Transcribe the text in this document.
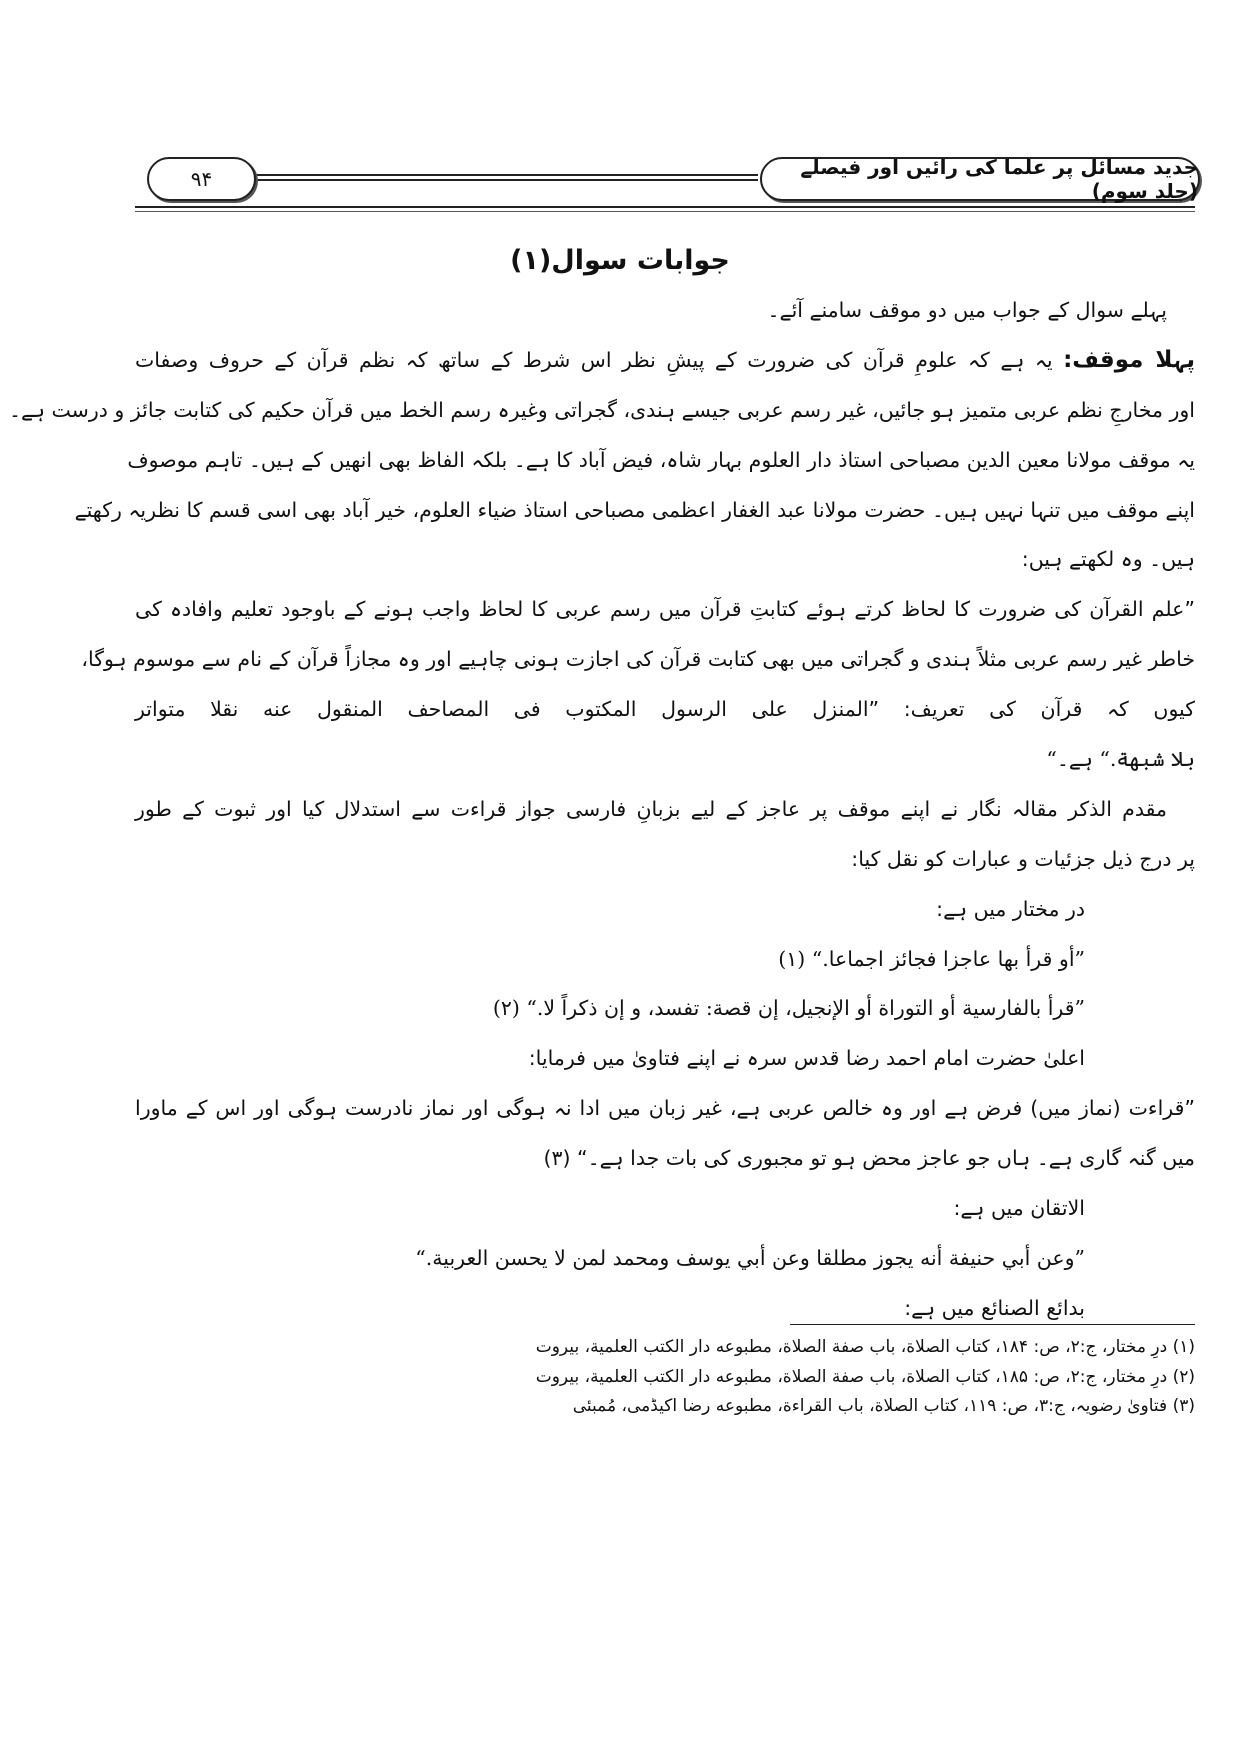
۹۴	جدید مسائل پر علما کی رائیں اور فیصلے (جلد سوم)
جوابات سوال(۱)
پہلے سوال کے جواب میں دو موقف سامنے آئے۔
پہلا موقف: یہ ہے کہ علومِ قرآن کی ضرورت کے پیشِ نظر اس شرط کے ساتھ کہ نظم قرآن کے حروف وصفات
اور مخارجِ نظم عربی متمیز ہو جائیں، غیر رسم عربی جیسے ہندی، گجراتی وغیرہ رسم الخط میں قرآن حکیم کی کتابت جائز و درست ہے۔
یہ موقف مولانا معین الدین مصباحی استاذ دار العلوم بہار شاہ، فیض آباد کا ہے۔ بلکہ الفاظ بھی انھیں کے ہیں۔ تاہم موصوف
اپنے موقف میں تنہا نہیں ہیں۔ حضرت مولانا عبد الغفار اعظمی مصباحی استاذ ضیاء العلوم، خیر آباد بھی اسی قسم کا نظریہ رکھتے
ہیں۔ وہ لکھتے ہیں:
”علم القرآن کی ضرورت کا لحاظ کرتے ہوئے کتابتِ قرآن میں رسم عربی کا لحاظ واجب ہونے کے باوجود تعلیم وافادہ کی
خاطر غیر رسم عربی مثلاً ہندی و گجراتی میں بھی کتابت قرآن کی اجازت ہونی چاہیے اور وہ مجازاً قرآن کے نام سے موسوم ہوگا،
کیوں کہ قرآن کی تعریف: ”المنزل على الرسول المكتوب فى المصاحف المنقول عنه نقلا متواتر
بلا شبهة.“ ہے۔“
مقدم الذکر مقالہ نگار نے اپنے موقف پر عاجز کے لیے بزبانِ فارسی جواز قراءت سے استدلال کیا اور ثبوت کے طور
پر درج ذیل جزئیات و عبارات کو نقل کیا:
در مختار میں ہے:
”أو قرأ بها عاجزا فجائز اجماعا.“ (۱)
”قرأ بالفارسية أو التوراة أو الإنجيل، إن قصة: تفسد، و إن ذكراً لا.“ (۲)
اعلیٰ حضرت امام احمد رضا قدس سرہ نے اپنے فتاویٰ میں فرمایا:
”قراءت (نماز میں) فرض ہے اور وہ خالص عربی ہے، غیر زبان میں ادا نہ ہوگی اور نماز نادرست ہوگی اور اس کے ماورا
میں گنہ گاری ہے۔ ہاں جو عاجز محض ہو تو مجبوری کی بات جدا ہے۔“ (۳)
الاتقان میں ہے:
”وعن أبي حنيفة أنه يجوز مطلقا وعن أبي يوسف ومحمد لمن لا يحسن العربية.“
بدائع الصنائع میں ہے:
(۱) درِ مختار، ج:۲، ص: ۱۸۴، کتاب الصلاة، باب صفة الصلاة، مطبوعه دار الکتب العلمیة، بیروت
(۲) درِ مختار، ج:۲، ص: ۱۸۵، کتاب الصلاة، باب صفة الصلاة، مطبوعه دار الکتب العلمیة، بیروت
(۳) فتاویٰ رضویہ، ج:۳، ص: ۱۱۹، کتاب الصلاة، باب القراءة، مطبوعه رضا اکیڈمی، مُمبئی
